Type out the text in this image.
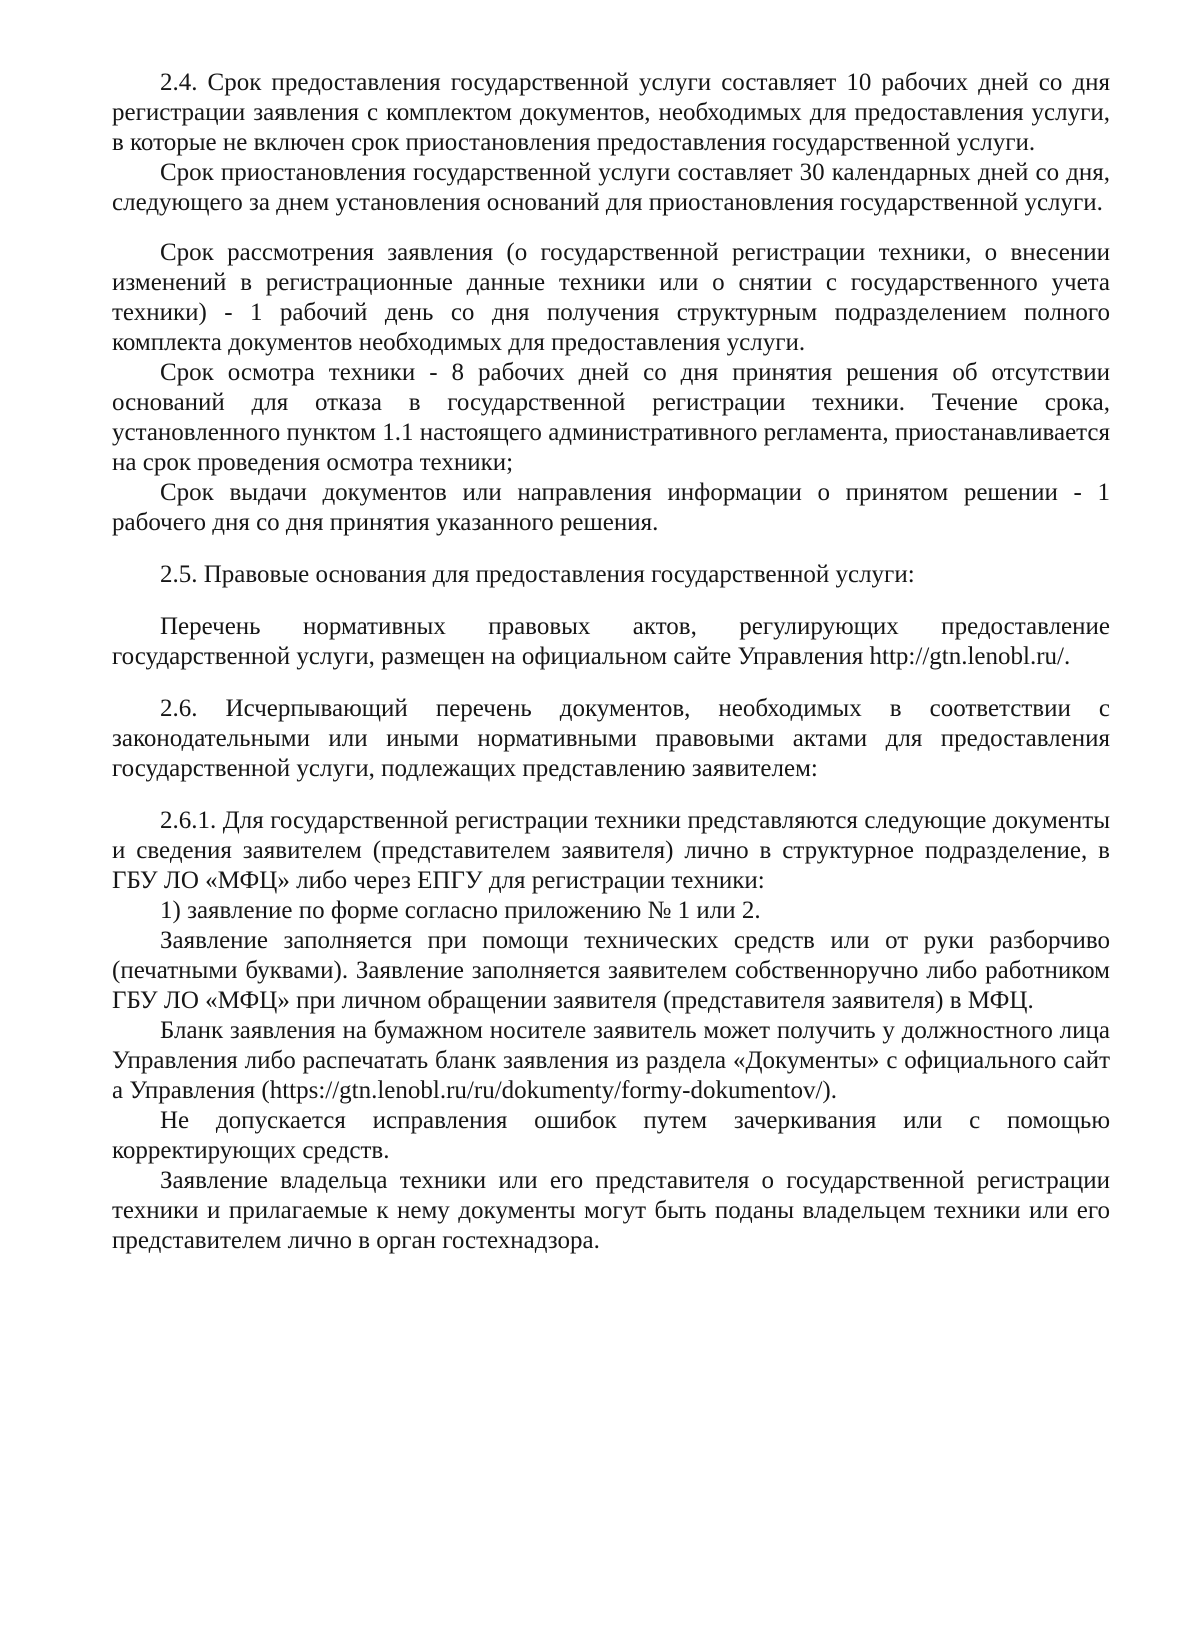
2.4. Срок предоставления государственной услуги составляет 10 рабочих дней со дня регистрации заявления с комплектом документов, необходимых для предоставления услуги, в которые не включен срок приостановления предоставления государственной услуги.

Срок приостановления государственной услуги составляет 30 календарных дней со дня, следующего за днем установления оснований для приостановления государственной услуги.

Срок рассмотрения заявления (о государственной регистрации техники, о внесении изменений в регистрационные данные техники или о снятии с государственного учета техники) - 1 рабочий день со дня получения структурным подразделением полного комплекта документов необходимых для предоставления услуги.

Срок осмотра техники - 8 рабочих дней со дня принятия решения об отсутствии оснований для отказа в государственной регистрации техники. Течение срока, установленного пунктом 1.1 настоящего административного регламента, приостанавливается на срок проведения осмотра техники;

Срок выдачи документов или направления информации о принятом решении - 1 рабочего дня со дня принятия указанного решения.

2.5. Правовые основания для предоставления государственной услуги:

Перечень нормативных правовых актов, регулирующих предоставление государственной услуги, размещен на официальном сайте Управления http://gtn.lenobl.ru/.

2.6. Исчерпывающий перечень документов, необходимых в соответствии с законодательными или иными нормативными правовыми актами для предоставления государственной услуги, подлежащих представлению заявителем:

2.6.1. Для государственной регистрации техники представляются следующие документы и сведения заявителем (представителем заявителя) лично в структурное подразделение, в ГБУ ЛО «МФЦ» либо через ЕПГУ для регистрации техники:

1) заявление по форме согласно приложению № 1 или 2.

Заявление заполняется при помощи технических средств или от руки разборчиво (печатными буквами). Заявление заполняется заявителем собственноручно либо работником ГБУ ЛО «МФЦ» при личном обращении заявителя (представителя заявителя) в МФЦ.

Бланк заявления на бумажном носителе заявитель может получить у должностного лица Управления либо распечатать бланк заявления из раздела «Документы» с официального сайта Управления (https://gtn.lenobl.ru/ru/dokumenty/formy-dokumentov/).

Не допускается исправления ошибок путем зачеркивания или с помощью корректирующих средств.

Заявление владельца техники или его представителя о государственной регистрации техники и прилагаемые к нему документы могут быть поданы владельцем техники или его представителем лично в орган гостехнадзора.
